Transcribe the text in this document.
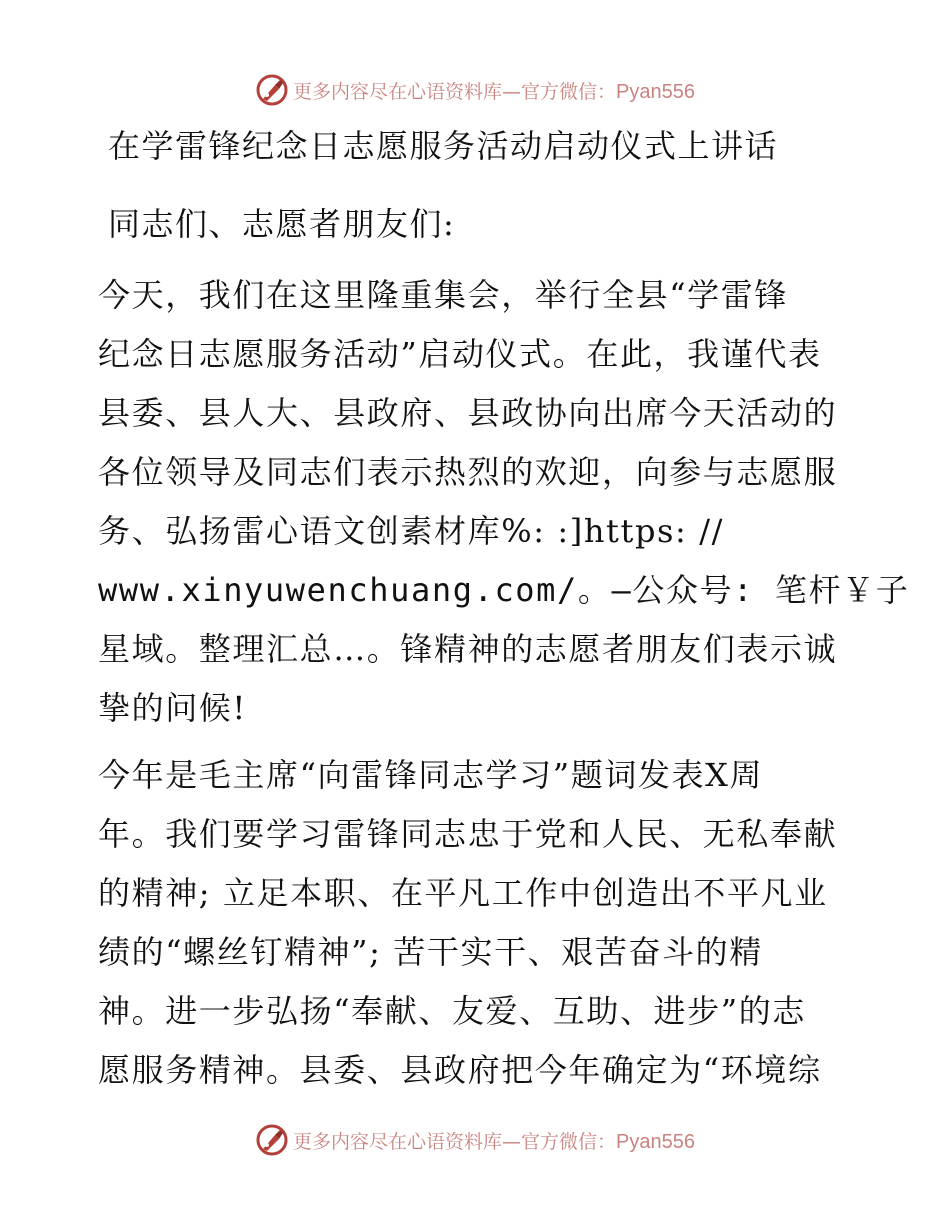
更多内容尽在心语资料库—官方微信：Pyan556
在学雷锋纪念日志愿服务活动启动仪式上讲话
同志们、志愿者朋友们:
今天，我们在这里隆重集会，举行全县“学雷锋
纪念日志愿服务活动”启动仪式。在此，我谨代表
县委、县人大、县政府、县政协向出席今天活动的
各位领导及同志们表示热烈的欢迎，向参与志愿服
务、弘扬雷心语文创素材库%: :]https: //
www.xinyuwenchuang.com/。—公众号: 笔杆￥子
星域。整理汇总…。锋精神的志愿者朋友们表示诚
挚的问候!
今年是毛主席“向雷锋同志学习”题词发表X周
年。我们要学习雷锋同志忠于党和人民、无私奉献
的精神; 立足本职、在平凡工作中创造出不平凡业
绩的“螺丝钉精神”; 苦干实干、艰苦奋斗的精
神。进一步弘扬“奉献、友爱、互助、进步”的志
愿服务精神。县委、县政府把今年确定为“环境综
更多内容尽在心语资料库—官方微信：Pyan556
